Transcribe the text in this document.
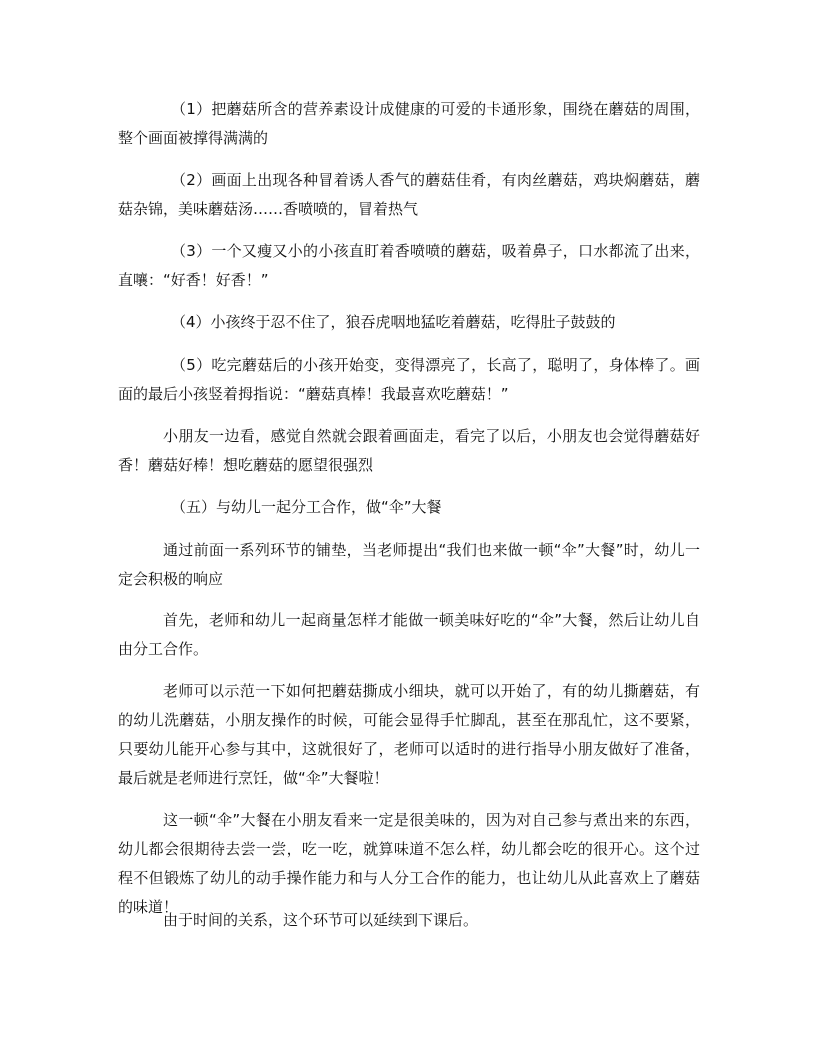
（1）把蘑菇所含的营养素设计成健康的可爱的卡通形象，围绕在蘑菇的周围，整个画面被撑得满满的

（2）画面上出现各种冒着诱人香气的蘑菇佳肴，有肉丝蘑菇，鸡块焖蘑菇，蘑菇杂锦，美味蘑菇汤……香喷喷的，冒着热气

（3）一个又瘦又小的小孩直盯着香喷喷的蘑菇，吸着鼻子，口水都流了出来，直嚷：“好香！好香！”

（4）小孩终于忍不住了，狼吞虎咽地猛吃着蘑菇，吃得肚子鼓鼓的

（5）吃完蘑菇后的小孩开始变，变得漂亮了，长高了，聪明了，身体棒了。画面的最后小孩竖着拇指说：“蘑菇真棒！我最喜欢吃蘑菇！”

小朋友一边看，感觉自然就会跟着画面走，看完了以后，小朋友也会觉得蘑菇好香！蘑菇好棒！想吃蘑菇的愿望很强烈

（五）与幼儿一起分工合作，做“伞”大餐

通过前面一系列环节的铺垫，当老师提出“我们也来做一顿“伞”大餐”时，幼儿一定会积极的响应

首先，老师和幼儿一起商量怎样才能做一顿美味好吃的“伞”大餐，然后让幼儿自由分工合作。

老师可以示范一下如何把蘑菇撕成小细块，就可以开始了，有的幼儿撕蘑菇，有的幼儿洗蘑菇，小朋友操作的时候，可能会显得手忙脚乱，甚至在那乱忙，这不要紧，只要幼儿能开心参与其中，这就很好了，老师可以适时的进行指导小朋友做好了准备，最后就是老师进行烹饪，做“伞”大餐啦！

这一顿“伞”大餐在小朋友看来一定是很美味的，因为对自己参与煮出来的东西，幼儿都会很期待去尝一尝，吃一吃，就算味道不怎么样，幼儿都会吃的很开心。这个过程不但锻炼了幼儿的动手操作能力和与人分工合作的能力，也让幼儿从此喜欢上了蘑菇的味道！

由于时间的关系，这个环节可以延续到下课后。
